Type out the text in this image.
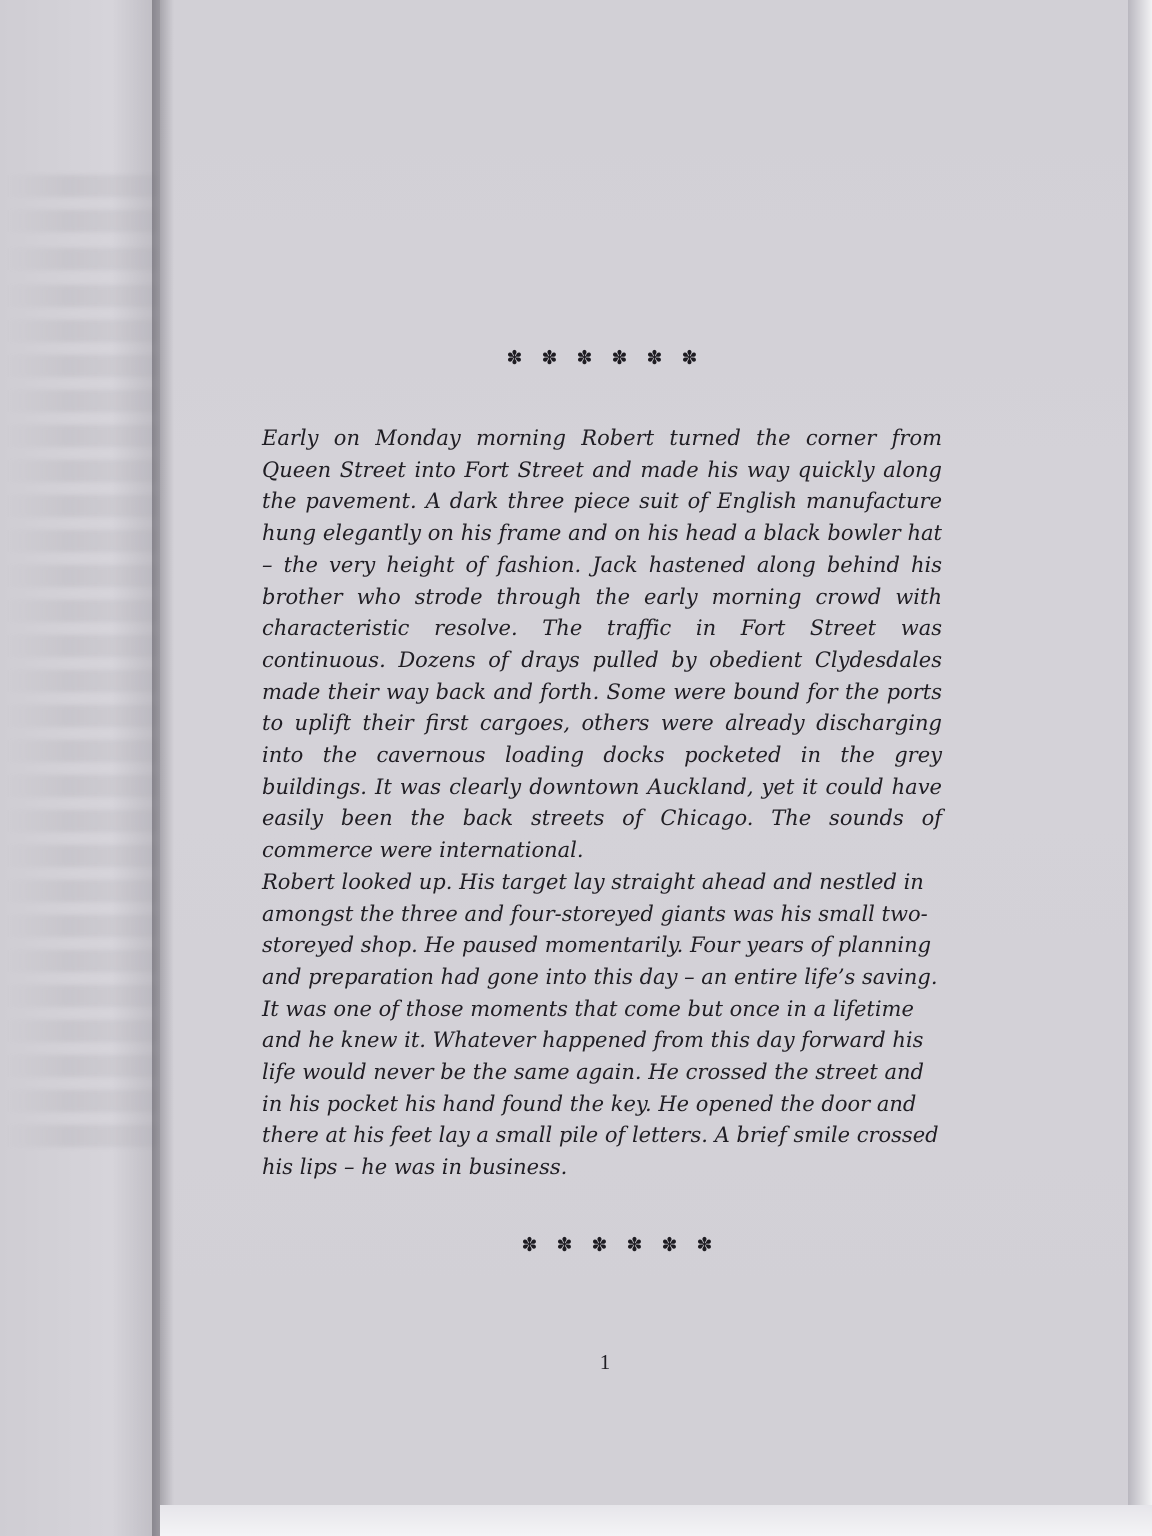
✽ ✽ ✽ ✽ ✽ ✽

Early on Monday morning Robert turned the corner from Queen Street into Fort Street and made his way quickly along the pavement. A dark three piece suit of English manufacture hung elegantly on his frame and on his head a black bowler hat – the very height of fashion. Jack hastened along behind his brother who strode through the early morning crowd with characteristic resolve. The traffic in Fort Street was continuous. Dozens of drays pulled by obedient Clydesdales made their way back and forth. Some were bound for the ports to uplift their first cargoes, others were already discharging into the cavernous loading docks pocketed in the grey buildings. It was clearly downtown Auckland, yet it could have easily been the back streets of Chicago. The sounds of commerce were international.

Robert looked up. His target lay straight ahead and nestled in amongst the three and four-storeyed giants was his small two-storeyed shop. He paused momentarily. Four years of planning and preparation had gone into this day – an entire life’s saving. It was one of those moments that come but once in a lifetime and he knew it. Whatever happened from this day forward his life would never be the same again. He crossed the street and in his pocket his hand found the key. He opened the door and there at his feet lay a small pile of letters. A brief smile crossed his lips – he was in business.

✽ ✽ ✽ ✽ ✽ ✽
1
